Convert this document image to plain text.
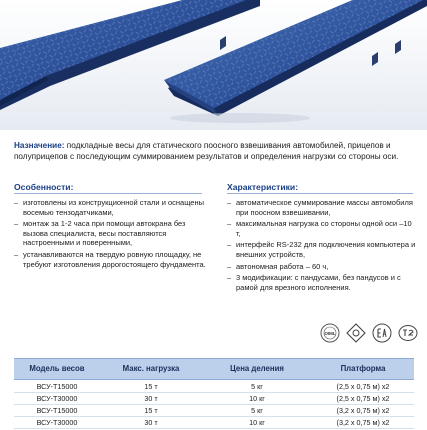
Назначение: подкладные весы для статического поосного взвешивания автомобилей, прицепов и полуприцепов с последующим суммированием результатов и определения нагрузки со стороны оси.
Особенности:
– изготовлены из конструкционной стали и оснащены восемью тензодатчиками,
– монтаж за 1-2 часа при помощи автокрана без вызова специалиста, весы поставляются настроенными и поверенными,
– устанавливаются на твердую ровную площадку, не требуют изготовления дорогостоящего фундамента.
Характеристики:
– автоматическое суммирование массы автомобиля при поосном взвешивании,
– максимальная нагрузка со стороны одной оси –10 т,
– интерфейс RS-232 для подключения компьютера и внешних устройств,
– автономная работа – 60 ч,
– 3 модификации: с пандусами, без пандусов и с рамой для врезного исполнения.
OIML
Модель весов	Макс. нагрузка	Цена деления	Платформа
ВСУ-Т15000	15 т	5 кг	(2,5 х 0,75 м) х2
ВСУ-Т30000	30 т	10 кг	(2,5 х 0,75 м) х2
ВСУ-Т15000	15 т	5 кг	(3,2 х 0,75 м) х2
ВСУ-Т30000	30 т	10 кг	(3,2 х 0,75 м) х2
